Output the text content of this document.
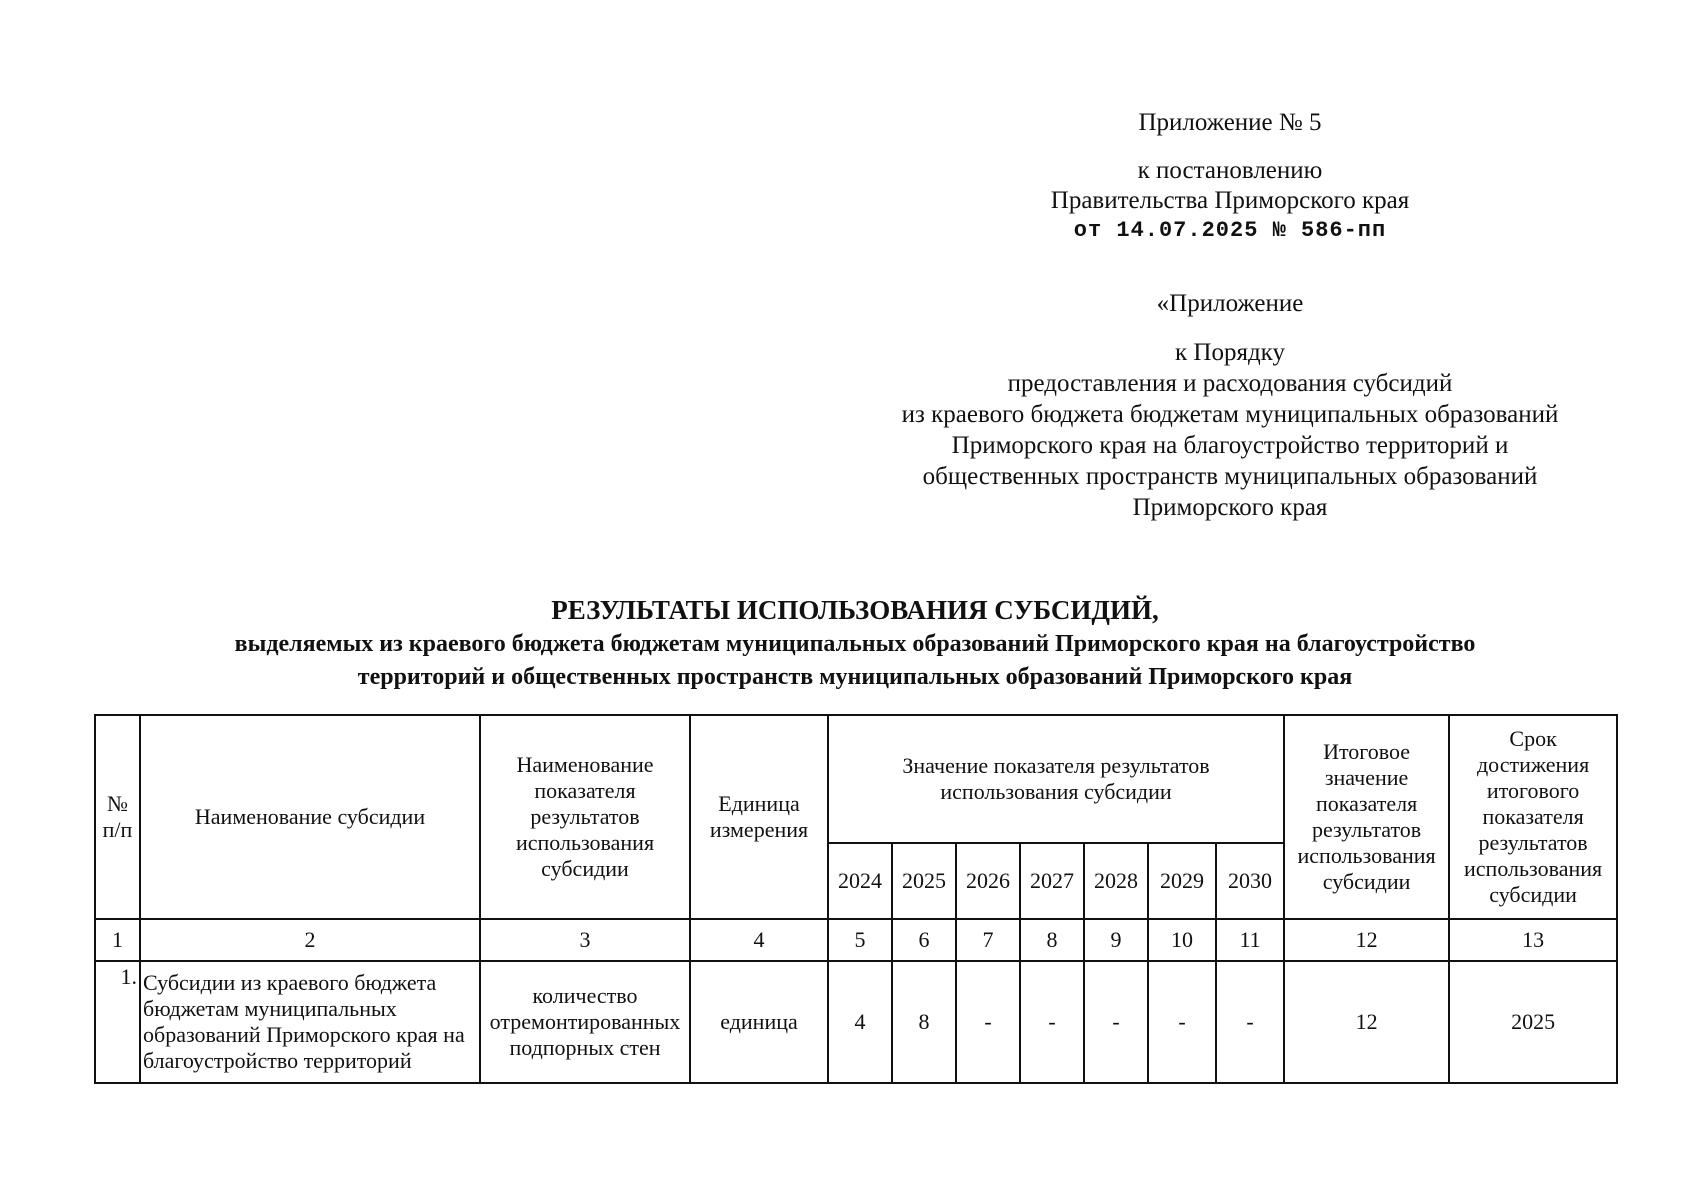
Приложение № 5
к постановлению
Правительства Приморского края
от 14.07.2025 № 586-пп
«Приложение
к Порядку
предоставления и расходования субсидий
из краевого бюджета бюджетам муниципальных образований
Приморского края на благоустройство территорий и
общественных пространств муниципальных образований
Приморского края
РЕЗУЛЬТАТЫ ИСПОЛЬЗОВАНИЯ СУБСИДИЙ,
выделяемых из краевого бюджета бюджетам муниципальных образований Приморского края на благоустройство
территорий и общественных пространств муниципальных образований Приморского края
№ п/п	Наименование субсидии	Наименование показателя результатов использования субсидии	Единица измерения	Значение показателя результатов использования субсидии							Итоговое значение показателя результатов использования субсидии	Срок достижения итогового показателя результатов использования субсидии
				2024	2025	2026	2027	2028	2029	2030		
1	2	3	4	5	6	7	8	9	10	11	12	13
1.	Субсидии из краевого бюджета бюджетам муниципальных образований Приморского края на благоустройство территорий	количество отремонтированных подпорных стен	единица	4	8	-	-	-	-	-	12	2025
